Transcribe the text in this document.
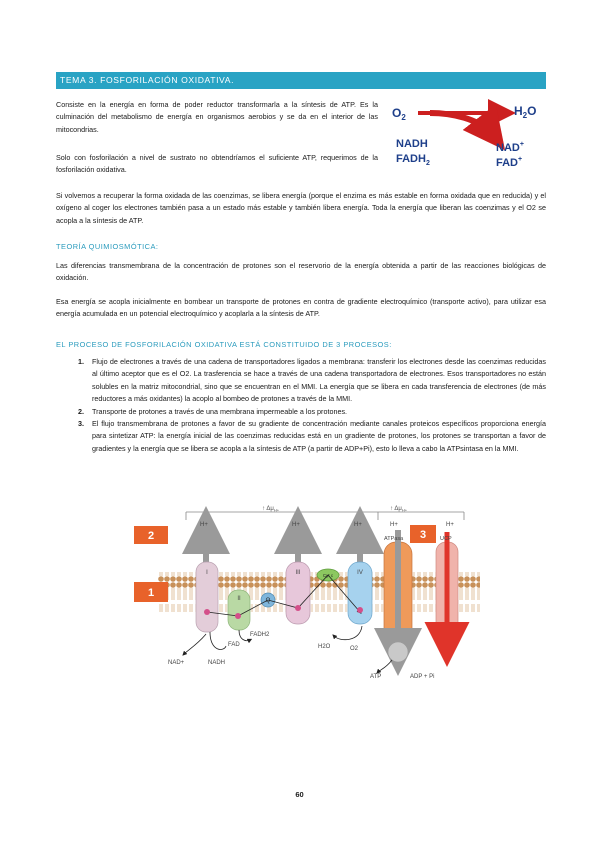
TEMA 3. FOSFORILACIÓN OXIDATIVA.

Consiste en la energía en forma de poder reductor transformarla a la síntesis de ATP. Es la culminación del metabolismo de energía en organismos aerobios y se da en el interior de las mitocondrias.

Solo con fosforilación a nivel de sustrato no obtendríamos el suficiente ATP, requerimos de la fosforilación oxidativa.

$O_2$	$H_2O$
NADH
$FADH_2$
NAD+
FAD+

Si volvemos a recuperar la forma oxidada de las coenzimas, se libera energía (porque el enzima es más estable en forma oxidada que en reducida) y el oxígeno al coger los electrones también pasa a un estado más estable y también libera energía. Toda la energía que liberan las coenzimas y el O2 se acopla a la síntesis de ATP.

TEORÍA QUIMIOSMÓTICA:

Las diferencias transmembrana de la concentración de protones son el reservorio de la energía obtenida a partir de las reacciones biológicas de oxidación.

Esa energía se acopla inicialmente en bombear un transporte de protones en contra de gradiente electroquímico (transporte activo), para utilizar esa energía acumulada en un potencial electroquímico y acoplarla a la síntesis de ATP.

EL PROCESO DE FOSFORILACIÓN OXIDATIVA ESTÁ CONSTITUIDO DE 3 PROCESOS:
1. Flujo de electrones a través de una cadena de transportadores ligados a membrana: transferir los electrones desde las coenzimas reducidas al último aceptor que es el O2. La trasferencia se hace a través de una cadena transportadora de electrones. Esos transportadores no están solubles en la matriz mitocondrial, sino que se encuentran en el MMI. La energía que se libera en cada transferencia de electrones (de más reductores a más oxidantes) la acoplo al bombeo de protones a través de la MMI.
2. Transporte de protones a través de una membrana impermeable a los protones.
3. El flujo transmembrana de protones a favor de su gradiente de concentración mediante canales proteicos específicos proporciona energía para sintetizar ATP: la energía inicial de las coenzimas reducidas está en un gradiente de protones, los protones se transportan a favor de gradientes y la energía que se libera se acopla a la síntesis de ATP (a partir de ADP+Pi), esto lo lleva a cabo la ATPsintasa en la MMI.
↑ $\Delta\mu_{H+}$	↑ $\Delta\mu_{H+}$
2
1
3
H+	H+	H+	H+	H+
I
II	Q
III	Cyt c	IV
NAD+	NADH
FAD
FADH2
H2O	O2
ATPasa
ATP	ADP + Pi
UCP
60
